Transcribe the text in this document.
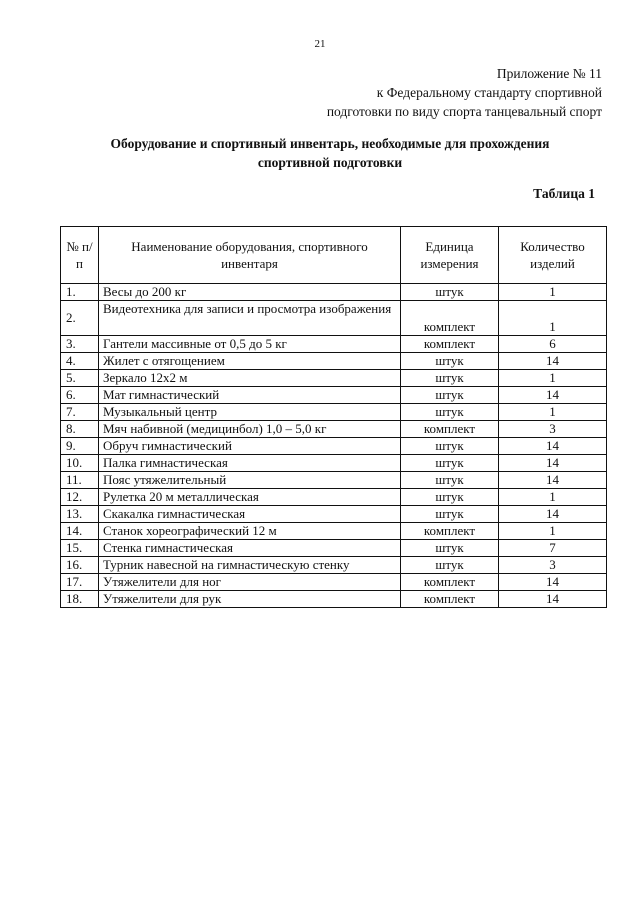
21
Приложение № 11
к Федеральному стандарту спортивной
подготовки по виду спорта танцевальный спорт
Оборудование и спортивный инвентарь, необходимые для прохождения
спортивной подготовки
Таблица 1
№ п/п	Наименование оборудования, спортивного инвентаря	Единица измерения	Количество изделий
1.	Весы до 200 кг	штук	1
2.	Видеотехника для записи и просмотра изображения	комплект	1
3.	Гантели массивные от 0,5 до 5 кг	комплект	6
4.	Жилет с отягощением	штук	14
5.	Зеркало 12х2 м	штук	1
6.	Мат гимнастический	штук	14
7.	Музыкальный центр	штук	1
8.	Мяч набивной (медицинбол) 1,0 – 5,0 кг	комплект	3
9.	Обруч гимнастический	штук	14
10.	Палка гимнастическая	штук	14
11.	Пояс утяжелительный	штук	14
12.	Рулетка 20 м металлическая	штук	1
13.	Скакалка гимнастическая	штук	14
14.	Станок хореографический 12 м	комплект	1
15.	Стенка гимнастическая	штук	7
16.	Турник навесной на гимнастическую стенку	штук	3
17.	Утяжелители для ног	комплект	14
18.	Утяжелители для рук	комплект	14
